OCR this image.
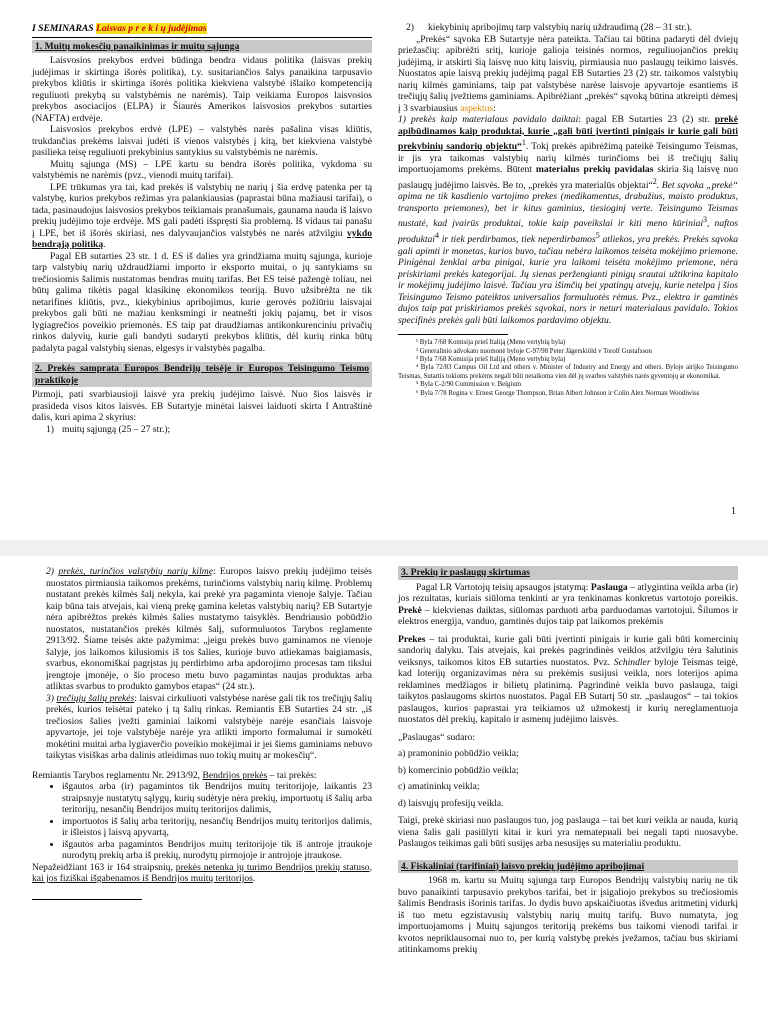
I SEMINARAS Laisvas p r e k i ų judėjimas
1. Muitų mokesčių panaikinimas ir muitų sąjunga

Laisvosios prekybos erdvei būdinga bendra vidaus politika (laisvas prekių judėjimas ir skirtinga išorės politika), t.y. susitariančios šalys panaikina tarpusavio prekybos kliūtis ir skirtinga išorės politika kiekviena valstybė išlaiko kompetenciją reguliuoti prekybą su valstybėmis ne narėmis). Taip veikiama Europos laisvosios prekybos asociacijos (ELPA) ir Šiaurės Amerikos laisvosios prekybos sutarties (NAFTA) erdvėje.

Laisvosios prekybos erdvė (LPE) – valstybės narės pašalina visas kliūtis, trukdančias prekėms laisvai judėti iš vienos valstybės į kitą, bet kiekviena valstybė pasilieka teisę reguliuoti prekybinius santykius su valstybėmis ne narėmis.

Muitų sąjunga (MS) – LPE kartu su bendra išorės politika, vykdoma su valstybėmis ne narėmis (pvz., vienodi muitų tarifai).

LPE trūkumas yra tai, kad prekės iš valstybių ne narių į šia erdvę patenka per tą valstybę, kurios prekybos režimas yra palankiausias (paprastai būna mažiausi tarifai), o tada, pasinaudojus laisvosios prekybos teikiamais pranašumais, gaunama nauda iš laisvo prekių judėjimo toje erdvėje. MS gali padėti išspręsti šia problemą. Iš vidaus tai panašu į LPE, bet iš išorės skiriasi, nes dalyvaujančios valstybės ne narės atžvilgiu vykdo bendrąją politiką.

Pagal EB sutarties 23 str. 1 d. ES iš dalies yra grindžiama muitų sąjunga, kurioje tarp valstybių narių uždraudžiami importo ir eksporto muitai, o jų santykiams su trečiosiomis šalimis nustatomas bendras muitų tarifas. Bet ES teisė pažengė toliau, nei būtų galima tikėtis pagal klasikinę ekonomikos teoriją. Buvo užsibrėžta ne tik netarifines kliūtis, pvz., kiekybinius apribojimus, kurie gerovės požiūriu laisvajai prekybos gali būti ne mažiau kenksmingi ir neatneští jokių pajamų, bet ir visos lygiagrečios poveikio priemonės. ES taip pat draudžiamas antikonkurenciniu privačių rinkos dalyvių, kurie gali bandyti sudaryti prekybos kliūtis, dėl kurių rinka būtų padalyta pagal valstybių sienas, elgesys ir valstybės pagalba.

2. Prekės samprata Europos Bendrijų teisėje ir Europos Teisingumo Teismo praktikoje

Pirmoji, pati svarbiausioji laisvė yra prekių judėjimo laisvė. Nuo šios laisvės ir prasideda visos kitos laisvės. EB Sutartyje minėtai laisvei laiduoti skirta I Antraštinė dalis, kuri apima 2 skyrius:

1) muitų sąjungą (25 – 27 str.);
2) kiekybinių apribojimų tarp valstybių narių uždraudimą (28 – 31 str.).

„Prekės“ sąvoka EB Sutartyje nėra pateikta. Tačiau tai būtina padaryti dėl dviejų priežasčių: apibrėžti sritį, kurioje galioja teisinės normos, reguliuojančios prekių judėjimą, ir atskirti šią laisvę nuo kitų laisvių, pirmiausia nuo paslaugų teikimo laisvės. Nuostatos apie laisvą prekių judėjimą pagal EB Sutarties 23 (2) str. taikomos valstybių narių kilmės gaminiams, taip pat valstybėse narėse laisvoje apyvartoje esantiems iš trečiųjų šalių įvežtiems gaminiams. Apibrėžiant „prekės“ sąvoką būtina atkreipti dėmesį į 3 svarbiausius aspektus:

1) prekės kaip materialaus pavidalo daiktai: pagal EB Sutarties 23 (2) str. prekė apibūdinamos kaip produktai, kurie „gali būti įvertinti pinigais ir kurie gali būti prekybinių sandorių objektu“$^1$. Tokį prekės apibrėžimą pateikė Teisingumo Teismas, ir jis yra taikomas valstybių narių kilmės turinčioms bei iš trečiųjų šalių importuojamoms prekėms. Būtent materialus prekių pavidalas skiria šią laisvę nuo paslaugų judėjimo laisvės. Be to, „prekės yra materialūs objektai“$^2$. Bet sąvoka „prekė“ apima ne tik kasdienio vartojimo prekes (medikamentus, drabužius, maisto produktus, transporto priemones), bet ir kitus gaminius, tiesioginį verte. Teisingumo Teismas nustatė, kad įvairūs produktai, tokie kaip paveikslai ir kiti meno kūriniai$^3$, naftos produktai$^4$ ir tiek perdirbamos, tiek neperdirbamos$^5$ atliekos, yra prekės. Prekės sąvoka gali apimti ir monetas, kurios buvo, tačiau nebėra laikomos teisėta mokėjimo priemone. Pinigėnai ženklai arba pinigai, kurie yra laikomi teisėta mokėjimo priemone, nėra priskiriami prekės kategorijai. Jų sienas peržengianti pinigų srautai užtikrina kapitalo ir mokėjimų judėjimo laisvė. Tačiau yra išimčių bei ypatingų atvejų, kurie netelpa į šios Teisingumo Teismo pateiktos universalios formuluotės rėmus. Pvz., elektra ir gamtinės dujos taip pat priskiriamos prekės sąvokai, nors ir neturi materialaus pavidalo. Tokios specifinės prekės gali būti laikomos pardavimo objektu.

¹ Byla 7/68 Komisija prieš Italiją (Meno vertybių byla)

² Generalinio advokato nuomonė byloje C-97/98 Peter Jägerskiöld v Torolf Gustafsson

³ Byla 7/68 Komisija prieš Italiją (Meno vertybių byla)

⁴ Byla 72/83 Campus Oil Ltd and others v. Minister of Industry and Energy and others. Byloje airijko Teisingumo Teismas, Sutartis tokioms prekėms negali būti netaikoma vien dėl jų svarbos valstybės narės gyventojų ar ekonomikai.

⁵ Byla C-2/90 Commission v. Belgium

⁶ Byla 7/78 Regina v. Ernest George Thompson, Brian Albert Johnson ir Colin Alex Norman Woodiwiss

1

2) prekės, turinčios valstybių narių kilmę: Europos laisvo prekių judėjimo teisės nuostatos pirmiausia taikomos prekėms, turinčioms valstybių narių kilmę. Problemų nustatant prekės kilmės šalį nekyla, kai prekė yra pagaminta vienoje šalyje. Tačiau kaip būna tais atvejais, kai vieną prekę gamina keletas valstybių narių? EB Sutartyje nėra apibrėžtos prekės kilmės šalies nustatymo taisyklės. Bendriausio pobūdžio nuostatos, nustatančios prekės kilmės šalį, suformuluotos Tarybos reglamente 2913/92. Šiame teisės akte pažymima: „jeigu prekės buvo gaminamos ne vienoje šalyje, jos laikomos kilusiomis iš tos šalies, kurioje buvo atliekamas baigiamasis, svarbus, ekonomiškai pagrįstas jų perdirbimo arba apdorojimo procesas tam tikslui įrengtoje įmonėje, o šio proceso metu buvo pagamintas naujas produktas arba atliktas svarbus to produkto gamybos etapas“ (24 str.).

3) trečiųjų šalių prekės: laisvai cirkuliuoti valstybėse narėse gali tik tos trečiųjų šalių prekės, kurios teisėtai pateko į tą šalių rinkas. Remiantis EB Sutarties 24 str. „iš trečiosios šalies įvežti gaminiai laikomi valstybėje narėje esančiais laisvoje apyvartoje, jei toje valstybėje narėje yra atlikti importo formalumai ir sumokėti mokėtini muitai arba lygiaverčio poveikio mokėjimai ir jei šiems gaminiams nebuvo taikytas visiškas arba dalinis atleidimas nuo tokių muitų ar mokesčių“.

Remiantis Tarybos reglamentu Nr. 2913/92, Bendrijos prekės – tai prekės:

• išgautos arba (ir) pagamintos tik Bendrijos muitų teritorijoje, laikantis 23 straipsnyje nustatytų sąlygų, kurių sudėtyje nėra prekių, importuotų iš šalių arba teritorijų, nesančių Bendrijos muitų teritorijos dalimis,
• importuotos iš šalių arba teritorijų, nesančių Bendrijos muitų teritorijos dalimis, ir išleistos į laisvą apyvartą,
• išgautos arba pagamintos Bendrijos muitų teritorijoje tik iš antroje įtraukoje nurodytų prekių arba iš prekių, nurodytų pirmojoje ir antrojoje įtraukose.

Nepažeidžiant 163 ir 164 straipsnių, prekės netenka jų turimo Bendrijos prekių statuso, kai jos fiziškai išgabenamos iš Bendrijos muitų teritorijos.

3. Prekių ir paslaugų skirtumas

Pagal LR Vartotojų teisių apsaugos įstatymą: Paslauga – atlygintina veikla arba (ir) jos rezultatas, kuriais siūloma tenkinti ar yra tenkinamas konkretus vartotojo poreikis. Prekė – kiekvienas daiktas, siūlomas parduoti arba parduodamas vartotojui. Šilumos ir elektros energija, vanduo, gamtinės dujos taip pat laikomos prekėmis

Prekes – tai produktai, kurie gali būti įvertinti pinigais ir kurie gali būti komercinių sandorių dalyku. Tais atvejais, kai prekės pagrindinės veiklos atžvilgiu tėra šalutinis veiksnys, taikomos kitos EB sutarties nuostatos. Pvz. Schindler byloje Teismas teigė, kad loterijų organizavimas nėra su prekėmis susijusi veikla, nors loterijos apima reklamines medžiagos ir bilietų platinimą. Pagrindinė veikla buvo paslauga, taigi taikytos paslaugoms skirtos nuostatos. Pagal EB Sutartį 50 str. „paslaugos“ – tai tokios paslaugos, kurios paprastai yra teikiamos už užmokestį ir kurių nereglamentuoja nuostatos dėl prekių, kapitalo ir asmenų judėjimo laisvės.

„Paslaugas“ sudaro:

a) pramoninio pobūdžio veikla;

b) komercinio pobūdžio veikla;

c) amatininkų veikla;

d) laisvųjų profesijų veikla.

Taigi, prekė skiriasi nuo paslaugos tuo, jog paslauga – tai bet kuri veikla ar nauda, kurią viena šalis gali pasiūlyti kitai ir kuri yra nematериali bei negali tapti nuosavybe. Paslaugos teikimas gali būti susijęs arba nesusijęs su materialiu produktu.

4. Fiskaliniai (tarifiniai) laisvo prekių judėjimo apribojimai

1968 m. kartu su Muitų sąjunga tarp Europos Bendrijų valstybių narių ne tik buvo panaikinti tarpusavio prekybos tarifai, bet ir įsigaliojo prekybos su trečiosiomis šalimis Bendrasis išorinis tarifas. Jo dydis buvo apskaičiuotas išvedus aritmetinį vidurkį iš tuo metu egzistavusių valstybių narių muitų tarifų. Buvo numatyta, jog importuojamoms į Muitų sąjungos teritoriją prekėms bus taikomi vienodi tarifai ir kvotos nepriklausomai nuo to, per kurią valstybę prekės įvežamos, tačiau bus skiriami atitinkamoms prekių
